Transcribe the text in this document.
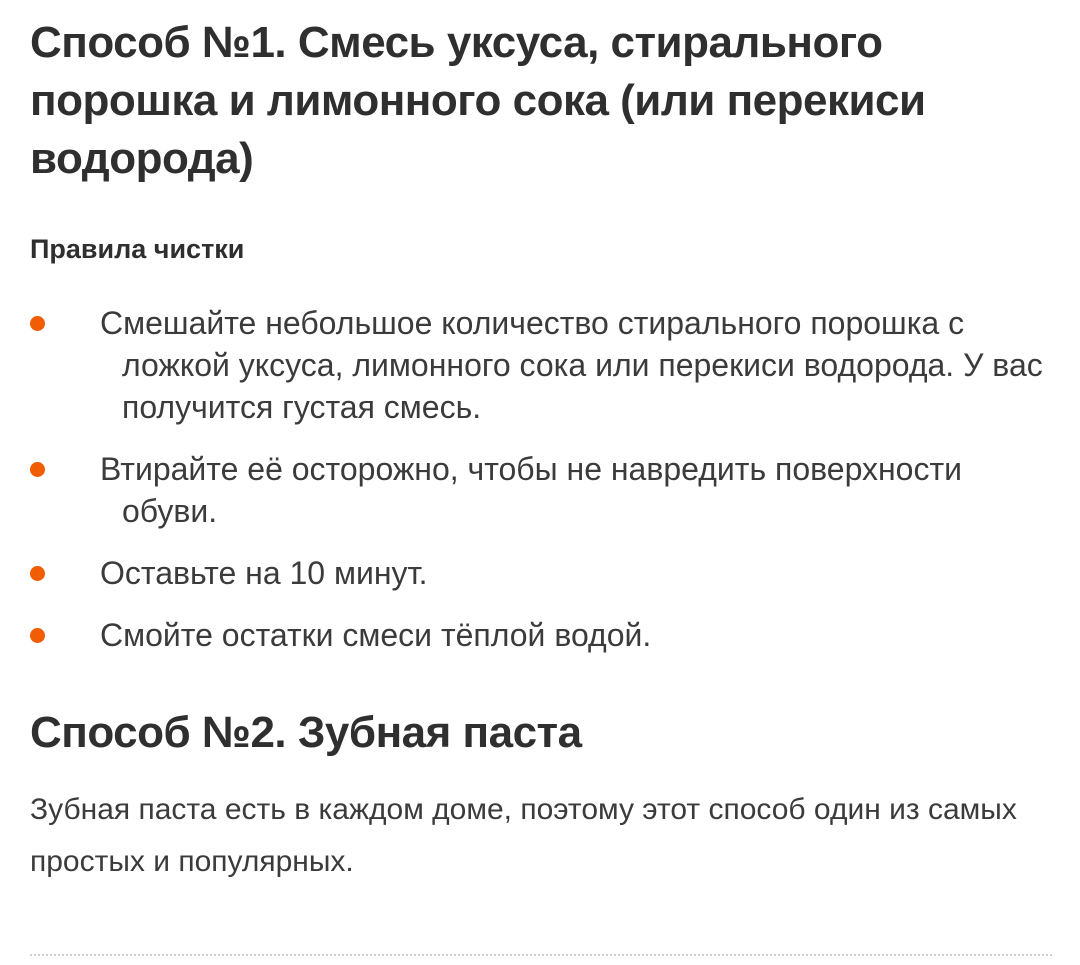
Способ №1. Смесь уксуса, стирального порошка и лимонного сока (или перекиси водорода)
Правила чистки
Смешайте небольшое количество стирального порошка с ложкой уксуса, лимонного сока или перекиси водорода. У вас получится густая смесь.
Втирайте её осторожно, чтобы не навредить поверхности обуви.
Оставьте на 10 минут.
Смойте остатки смеси тёплой водой.
Способ №2. Зубная паста

Зубная паста есть в каждом доме, поэтому этот способ один из самых простых и популярных.
